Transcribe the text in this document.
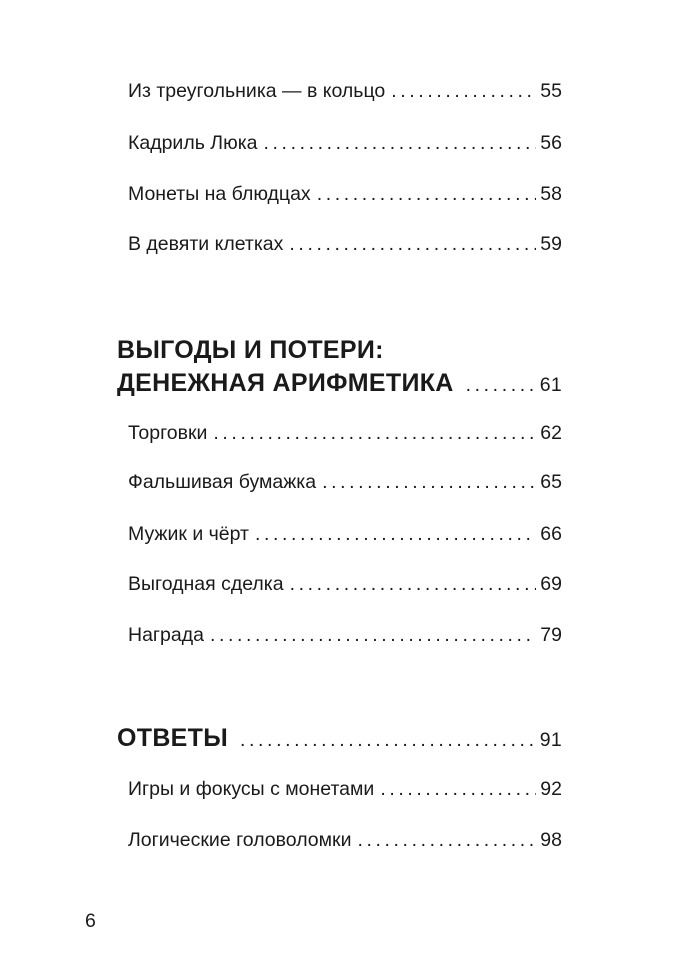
Из треугольника — в кольцо .....	55
Кадриль Люка .....	56
Монеты на блюдцах .....	58
В девяти клетках .....	59
ВЫГОДЫ И ПОТЕРИ:
ДЕНЕЖНАЯ АРИФМЕТИКА .....	61
Торговки .....	62
Фальшивая бумажка .....	65
Мужик и чёрт .....	66
Выгодная сделка .....	69
Награда .....	79
ОТВЕТЫ .....	91
Игры и фокусы с монетами .....	92
Логические головоломки .....	98
6
